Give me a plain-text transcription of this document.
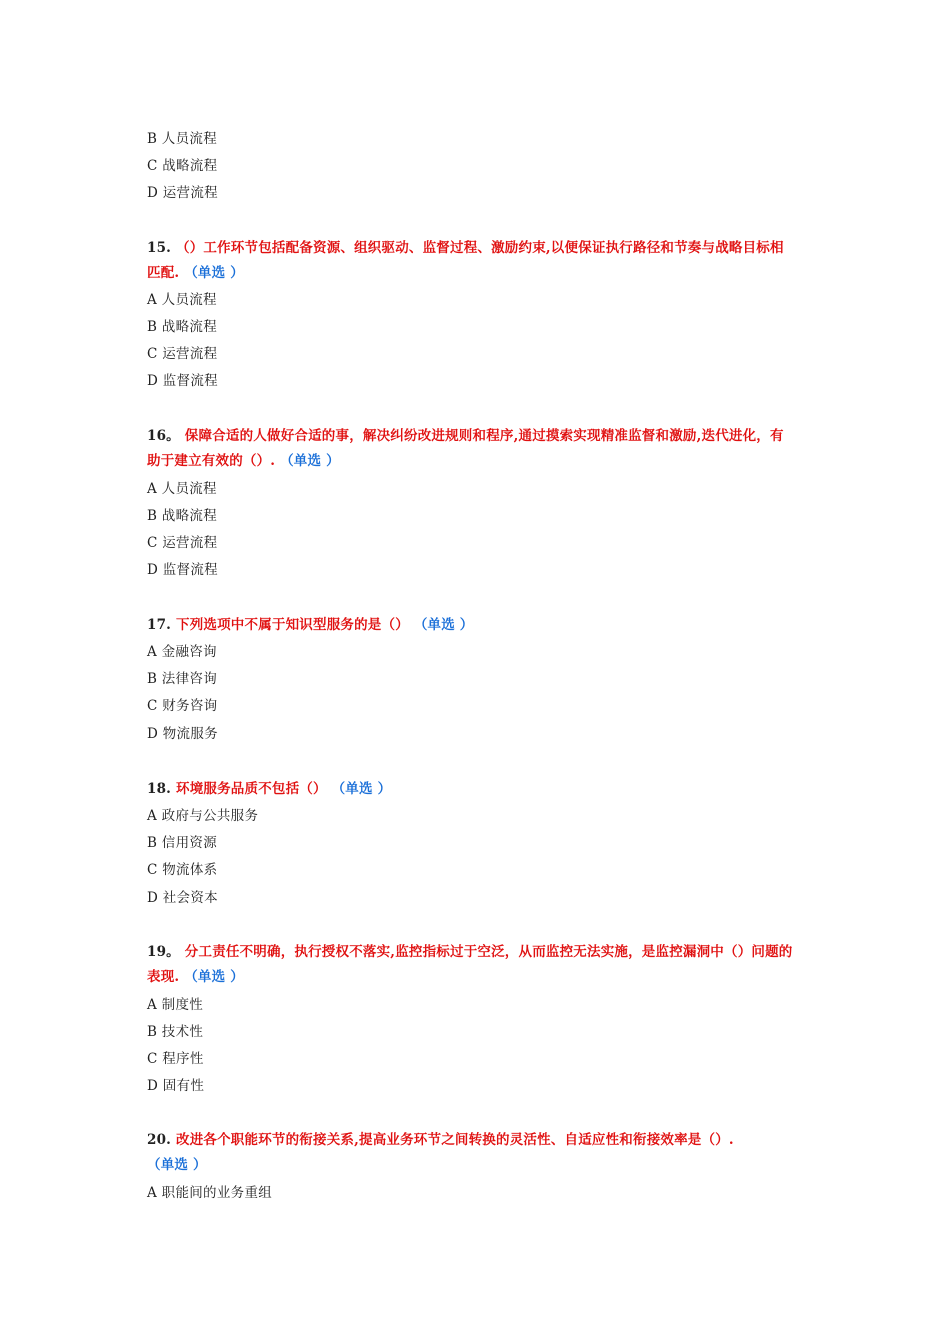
B 人员流程
C 战略流程
D 运营流程
15. （）工作环节包括配备资源、组织驱动、监督过程、激励约束,以便保证执行路径和节奏与战略目标相匹配. （单选 ）
A 人员流程
B 战略流程
C 运营流程
D 监督流程
16。 保障合适的人做好合适的事，解决纠纷改进规则和程序,通过摸索实现精准监督和激励,迭代进化，有助于建立有效的（）. （单选 ）
A 人员流程
B 战略流程
C 运营流程
D 监督流程
17. 下列选项中不属于知识型服务的是（） （单选 ）
A 金融咨询
B 法律咨询
C 财务咨询
D 物流服务
18. 环境服务品质不包括（） （单选 ）
A 政府与公共服务
B 信用资源
C 物流体系
D 社会资本
19。 分工责任不明确，执行授权不落实,监控指标过于空泛，从而监控无法实施，是监控漏洞中（）问题的表现. （单选 ）
A 制度性
B 技术性
C 程序性
D 固有性
20. 改进各个职能环节的衔接关系,提高业务环节之间转换的灵活性、自适应性和衔接效率是（）. （单选 ）
A 职能间的业务重组
